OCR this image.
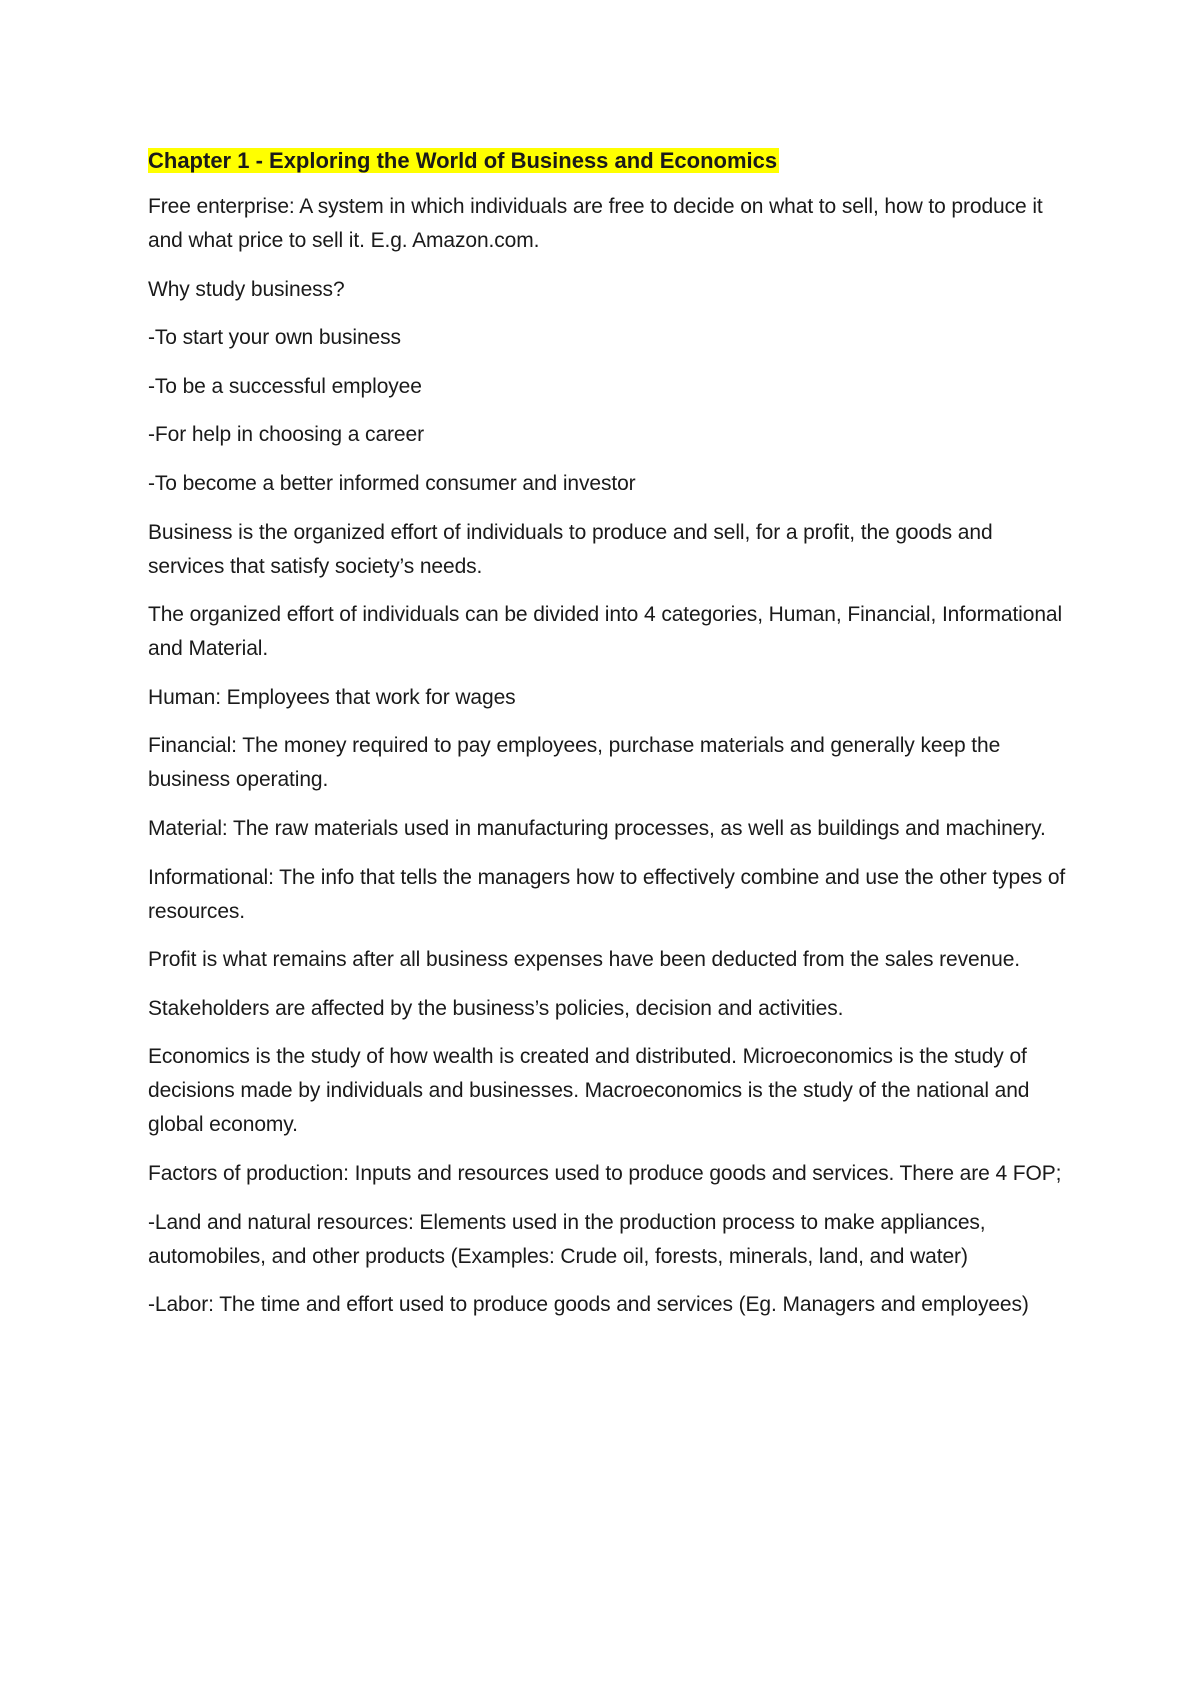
Chapter 1 - Exploring the World of Business and Economics

Free enterprise: A system in which individuals are free to decide on what to sell, how to produce it and what price to sell it. E.g. Amazon.com.

Why study business?

-To start your own business

-To be a successful employee

-For help in choosing a career

-To become a better informed consumer and investor

Business is the organized effort of individuals to produce and sell, for a profit, the goods and services that satisfy society’s needs.

The organized effort of individuals can be divided into 4 categories, Human, Financial, Informational and Material.

Human: Employees that work for wages

Financial: The money required to pay employees, purchase materials and generally keep the business operating.

Material: The raw materials used in manufacturing processes, as well as buildings and machinery.

Informational: The info that tells the managers how to effectively combine and use the other types of resources.

Profit is what remains after all business expenses have been deducted from the sales revenue.

Stakeholders are affected by the business’s policies, decision and activities.

Economics is the study of how wealth is created and distributed. Microeconomics is the study of decisions made by individuals and businesses. Macroeconomics is the study of the national and global economy.

Factors of production: Inputs and resources used to produce goods and services. There are 4 FOP;

-Land and natural resources: Elements used in the production process to make appliances, automobiles, and other products (Examples: Crude oil, forests, minerals, land, and water)

-Labor: The time and effort used to produce goods and services (Eg. Managers and employees)
